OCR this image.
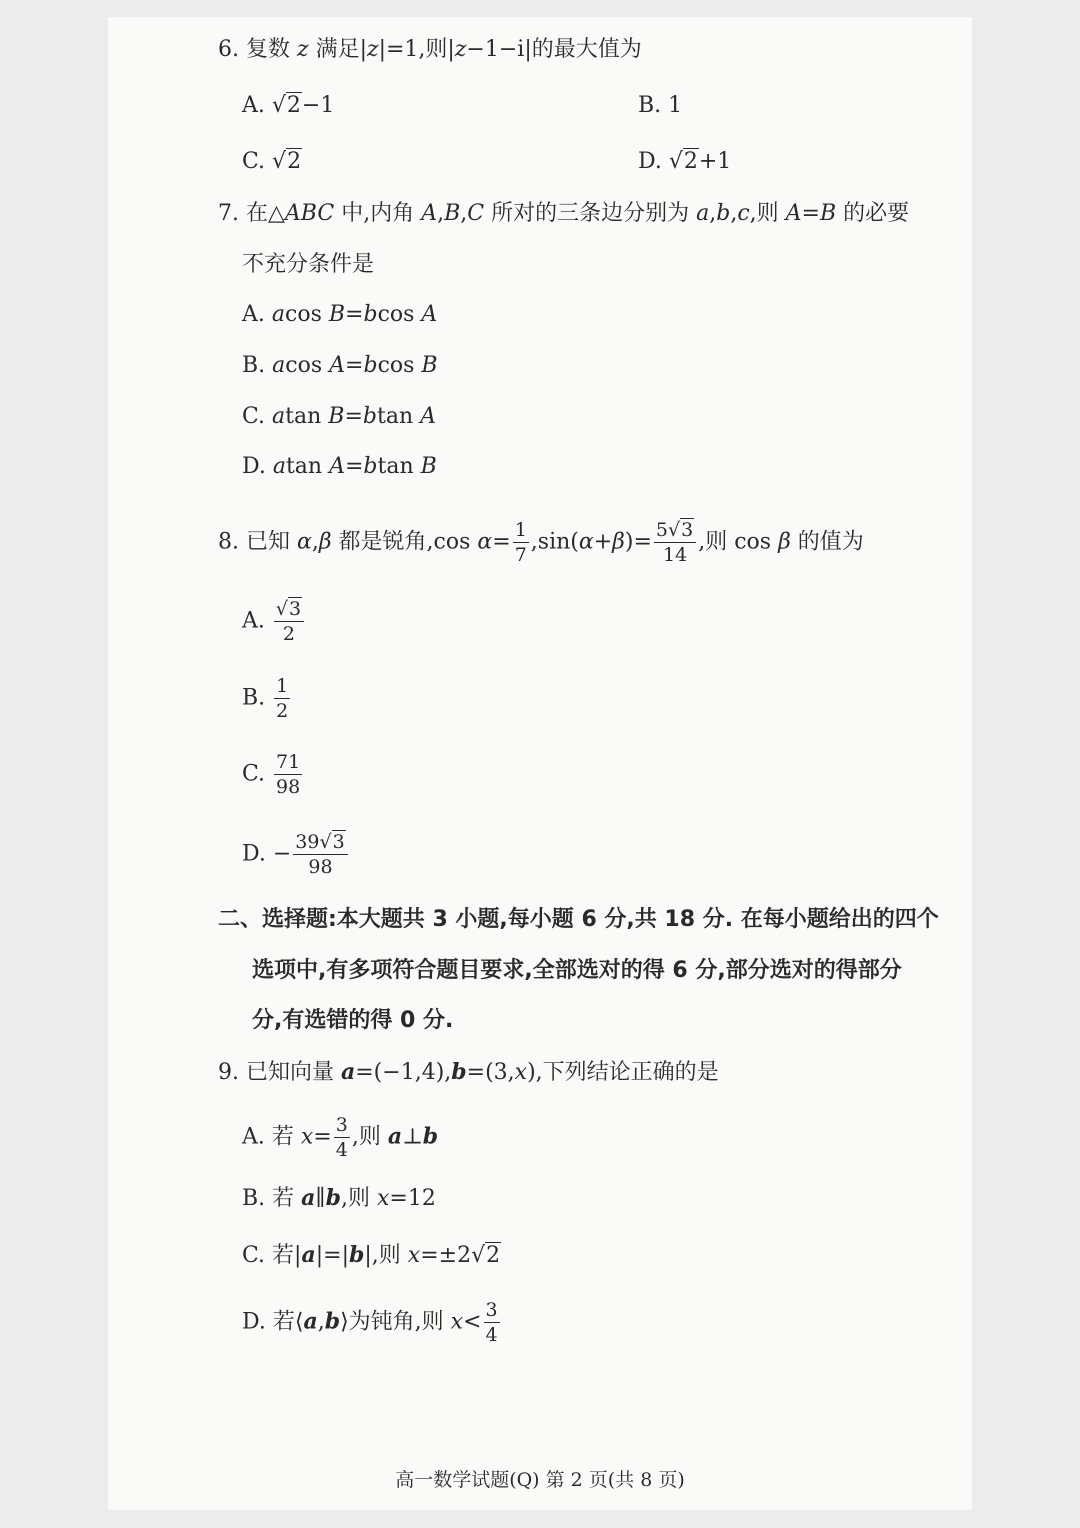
6. 复数 z 满足|z|=1,则|z−1−i|的最大值为
A. √2−1	B. 1
C. √2	D. √2+1
7. 在△ABC 中,内角 A,B,C 所对的三条边分别为 a,b,c,则 A=B 的必要
不充分条件是
A. acos B=bcos A
B. acos A=bcos B
C. atan B=btan A
D. atan A=btan B
8. 已知 α,β 都是锐角,cos $\alpha= \frac{1}{7} ,\sin(\alpha+\beta)= \frac{5√3}{14}$ ,则 cos β 的值为
A. $\frac{√3}{2}$
B. $\frac{1}{2}$
C. $\frac{71}{98}$
D. − $\frac{39√3}{98}$
二、选择题:本大题共 3 小题,每小题 6 分,共 18 分. 在每小题给出的四个
选项中,有多项符合题目要求,全部选对的得 6 分,部分选对的得部分
分,有选错的得 0 分.
9. 已知向量 a=(−1,4),b=(3,x),下列结论正确的是
A. 若 $x= \frac{3}{4}$ ,则 a⊥b
B. 若 a∥b,则 x=12
C. 若|a|=|b|,则 x=±2√2
D. 若⟨a,b⟩为钝角,则 $x< \frac{3}{4}$
高一数学试题(Q) 第 2 页(共 8 页)
